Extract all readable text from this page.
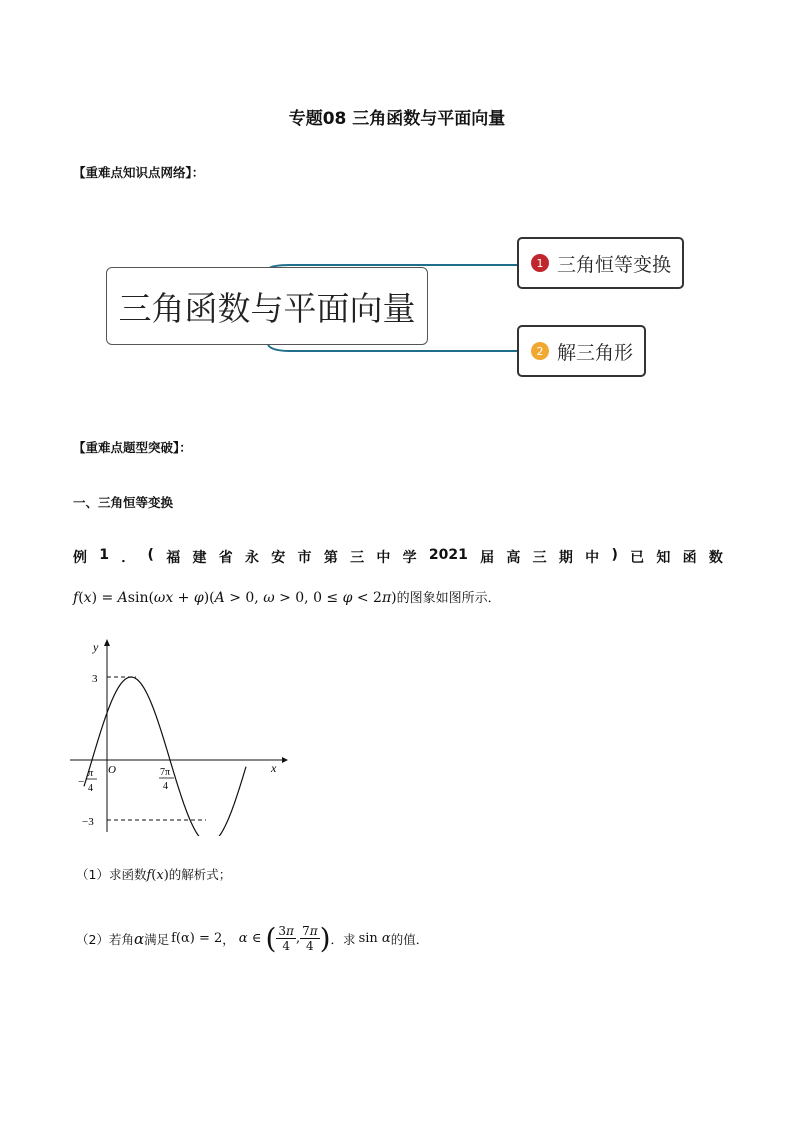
专题08 三角函数与平面向量
【重难点知识点网络】：
三角函数与平面向量
1 三角恒等变换
2 解三角形
【重难点题型突破】：
一、三角恒等变换
例 1 ． ( 福 建 省 永 安 市 第 三 中 学 2021 届 高 三 期 中 ) 已 知 函 数
f(x) = Asin(ωx + φ)(A > 0, ω > 0, 0 ≤ φ < 2π)的图象如图所示．
y
x
O
3
−3
−
π
4
7π
4
（1）求函数f(x)的解析式；
（2）若角 α 满足 f(α) = 2 ， α ∈ ( $\frac{3\pi}{4}$ , $\frac{7\pi}{4}$ ) ．求 sin α 的值．
